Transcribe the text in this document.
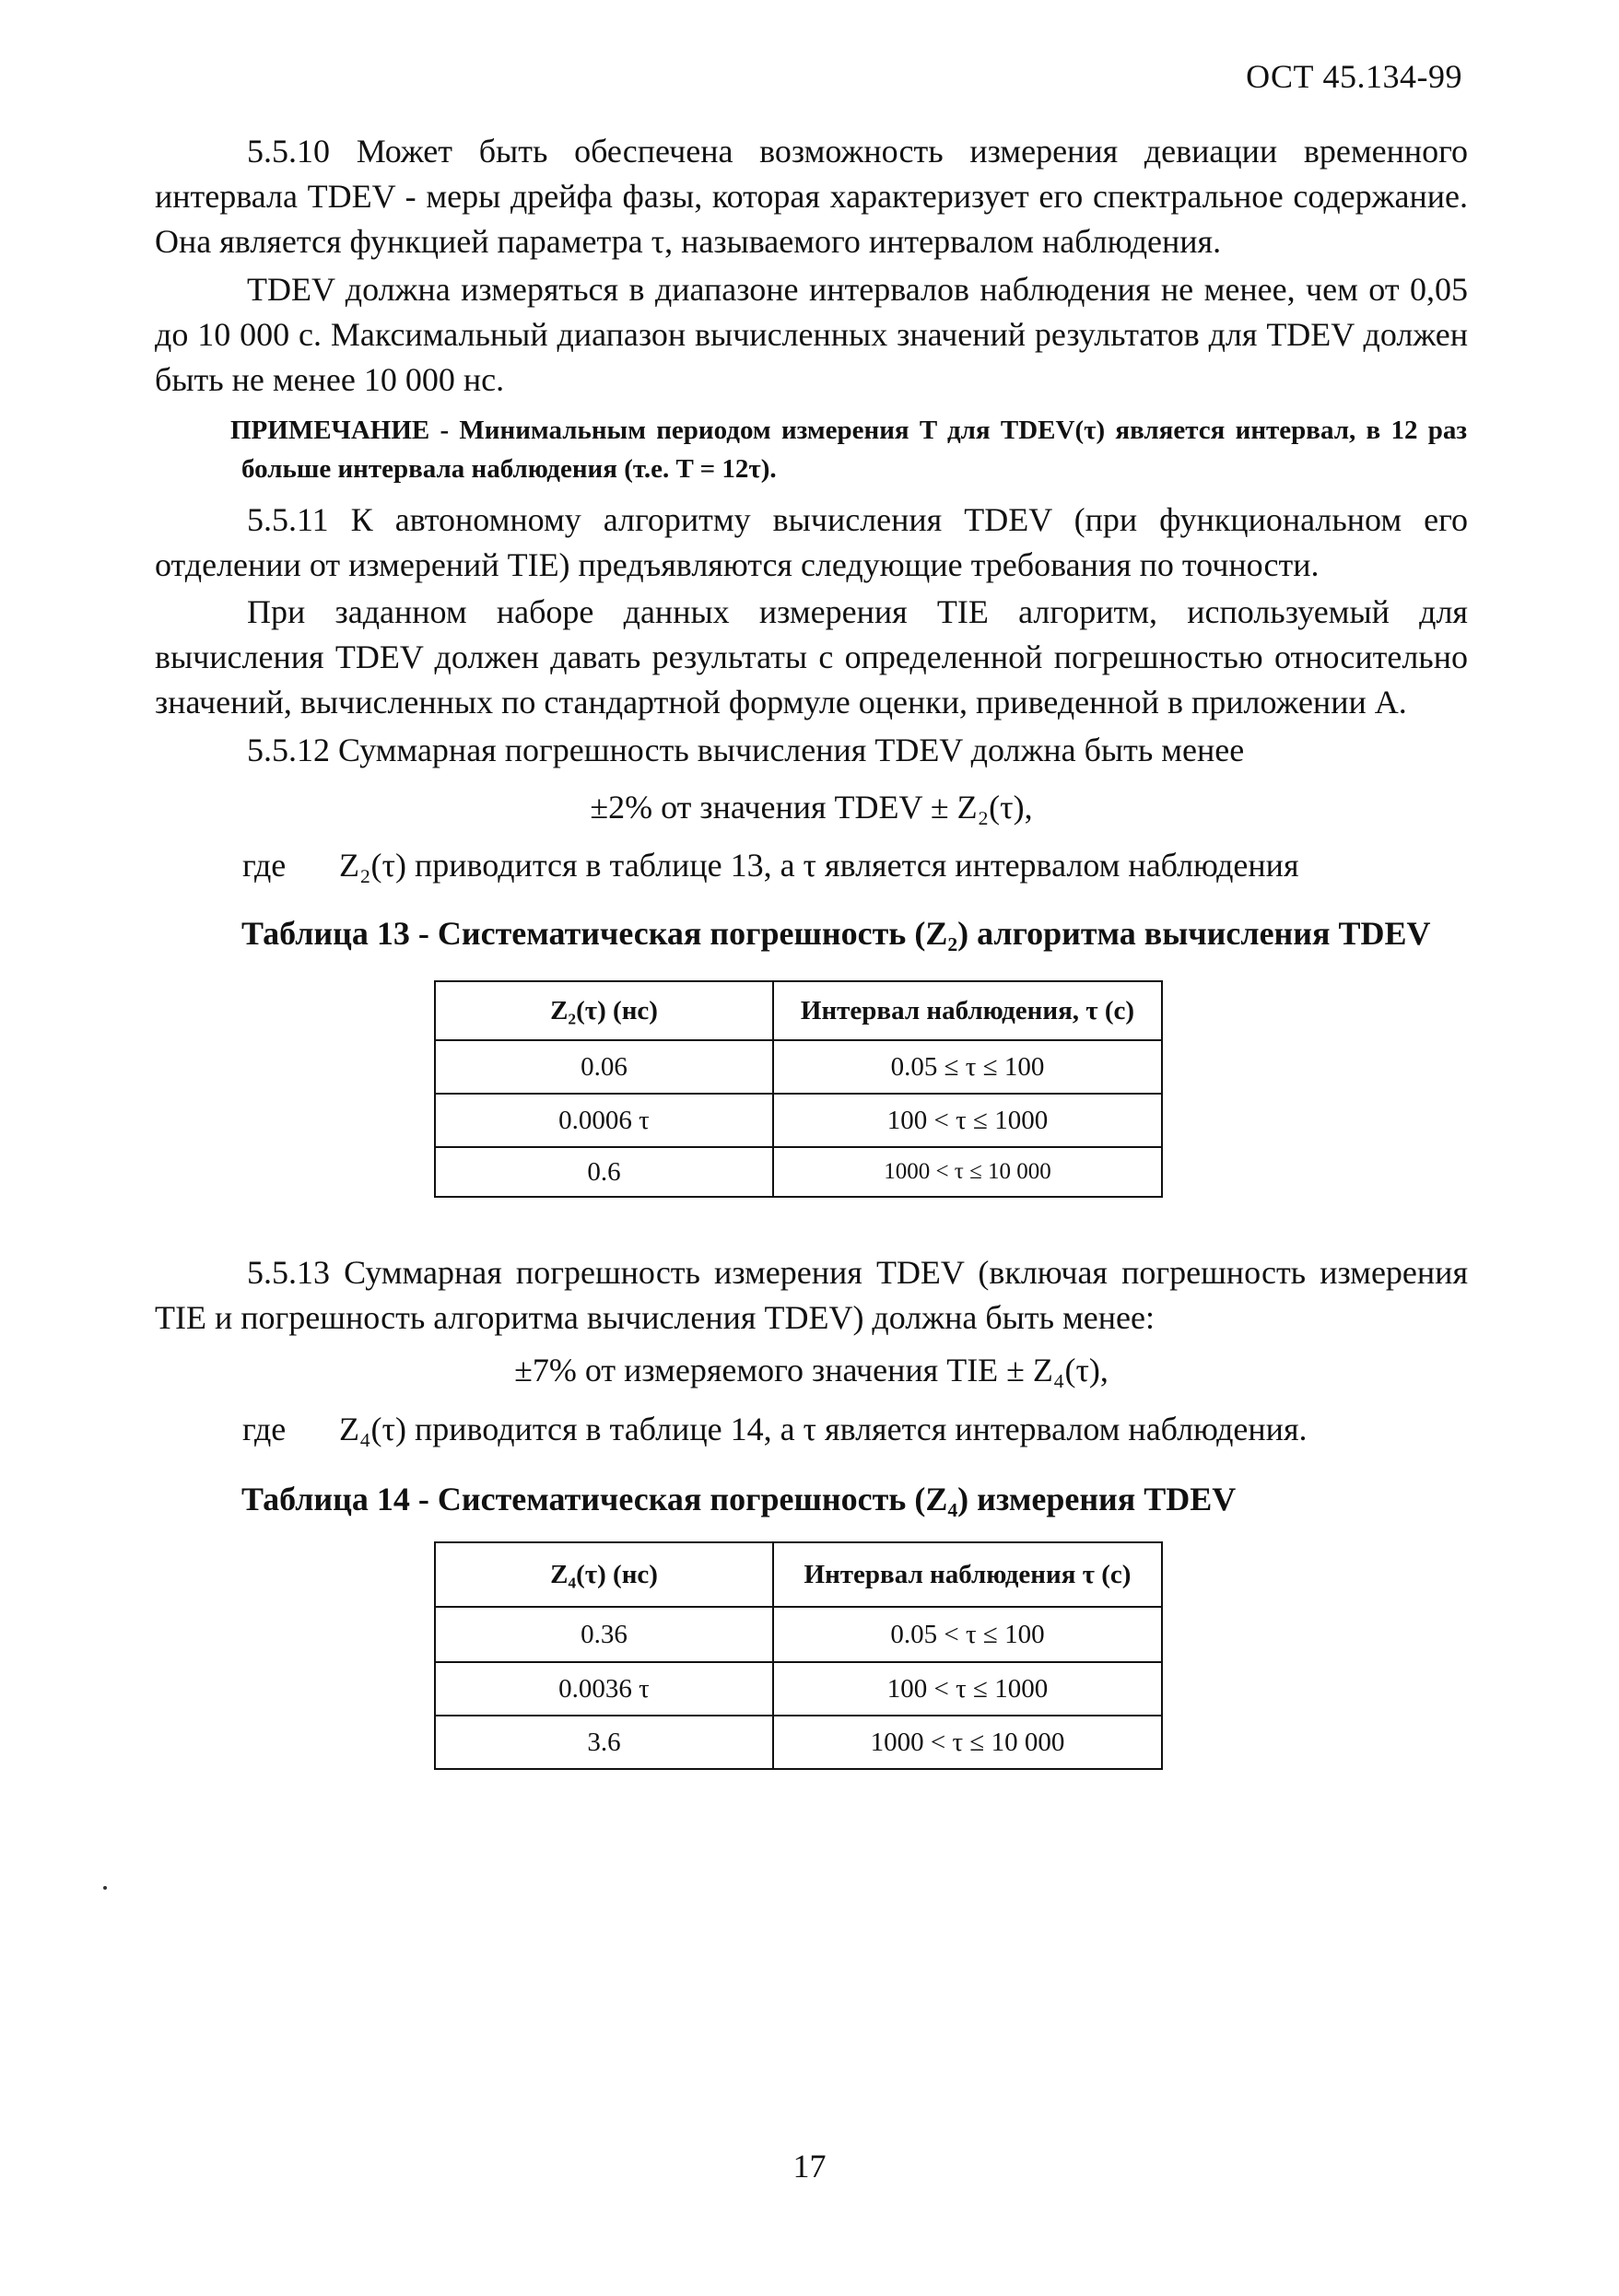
ОСТ 45.134-99
5.5.10 Может быть обеспечена возможность измерения девиации временного интервала TDEV - меры дрейфа фазы, которая характеризует его спектральное содержание. Она является функцией параметра τ, называемого интервалом наблюдения.
TDEV должна измеряться в диапазоне интервалов наблюдения не менее, чем от 0,05 до 10 000 с. Максимальный диапазон вычисленных значений результатов для TDEV должен быть не менее 10 000 нс.
ПРИМЕЧАНИЕ - Минимальным периодом измерения T для TDEV(τ) является интервал, в 12 раз больше интервала наблюдения (т.е. T = 12τ).
5.5.11 К автономному алгоритму вычисления TDEV (при функциональном его отделении от измерений TIE) предъявляются следующие требования по точности.
При заданном наборе данных измерения TIE алгоритм, используемый для вычисления TDEV должен давать результаты с определенной погрешностью относительно значений, вычисленных по стандартной формуле оценки, приведенной в приложении А.
5.5.12 Суммарная погрешность вычисления TDEV должна быть менее
±2% от значения TDEV ± Z₂(τ),
где Z₂(τ) приводится в таблице 13, а τ является интервалом наблюдения
Таблица 13 - Систематическая погрешность (Z₂) алгоритма вычисления TDEV
Z₂(τ) (нс)	Интервал наблюдения, τ (с)
0.06	0.05 ≤ τ ≤ 100
0.0006 τ	100 < τ ≤ 1000
0.6	1000 < τ ≤ 10 000
5.5.13 Суммарная погрешность измерения TDEV (включая погрешность измерения TIE и погрешность алгоритма вычисления TDEV) должна быть менее:
±7% от измеряемого значения TIE ± Z₄(τ),
где Z₄(τ) приводится в таблице 14, а τ является интервалом наблюдения.
Таблица 14 - Систематическая погрешность (Z₄) измерения TDEV
Z₄(τ) (нс)	Интервал наблюдения τ (с)
0.36	0.05 < τ ≤ 100
0.0036 τ	100 < τ ≤ 1000
3.6	1000 < τ ≤ 10 000
17
